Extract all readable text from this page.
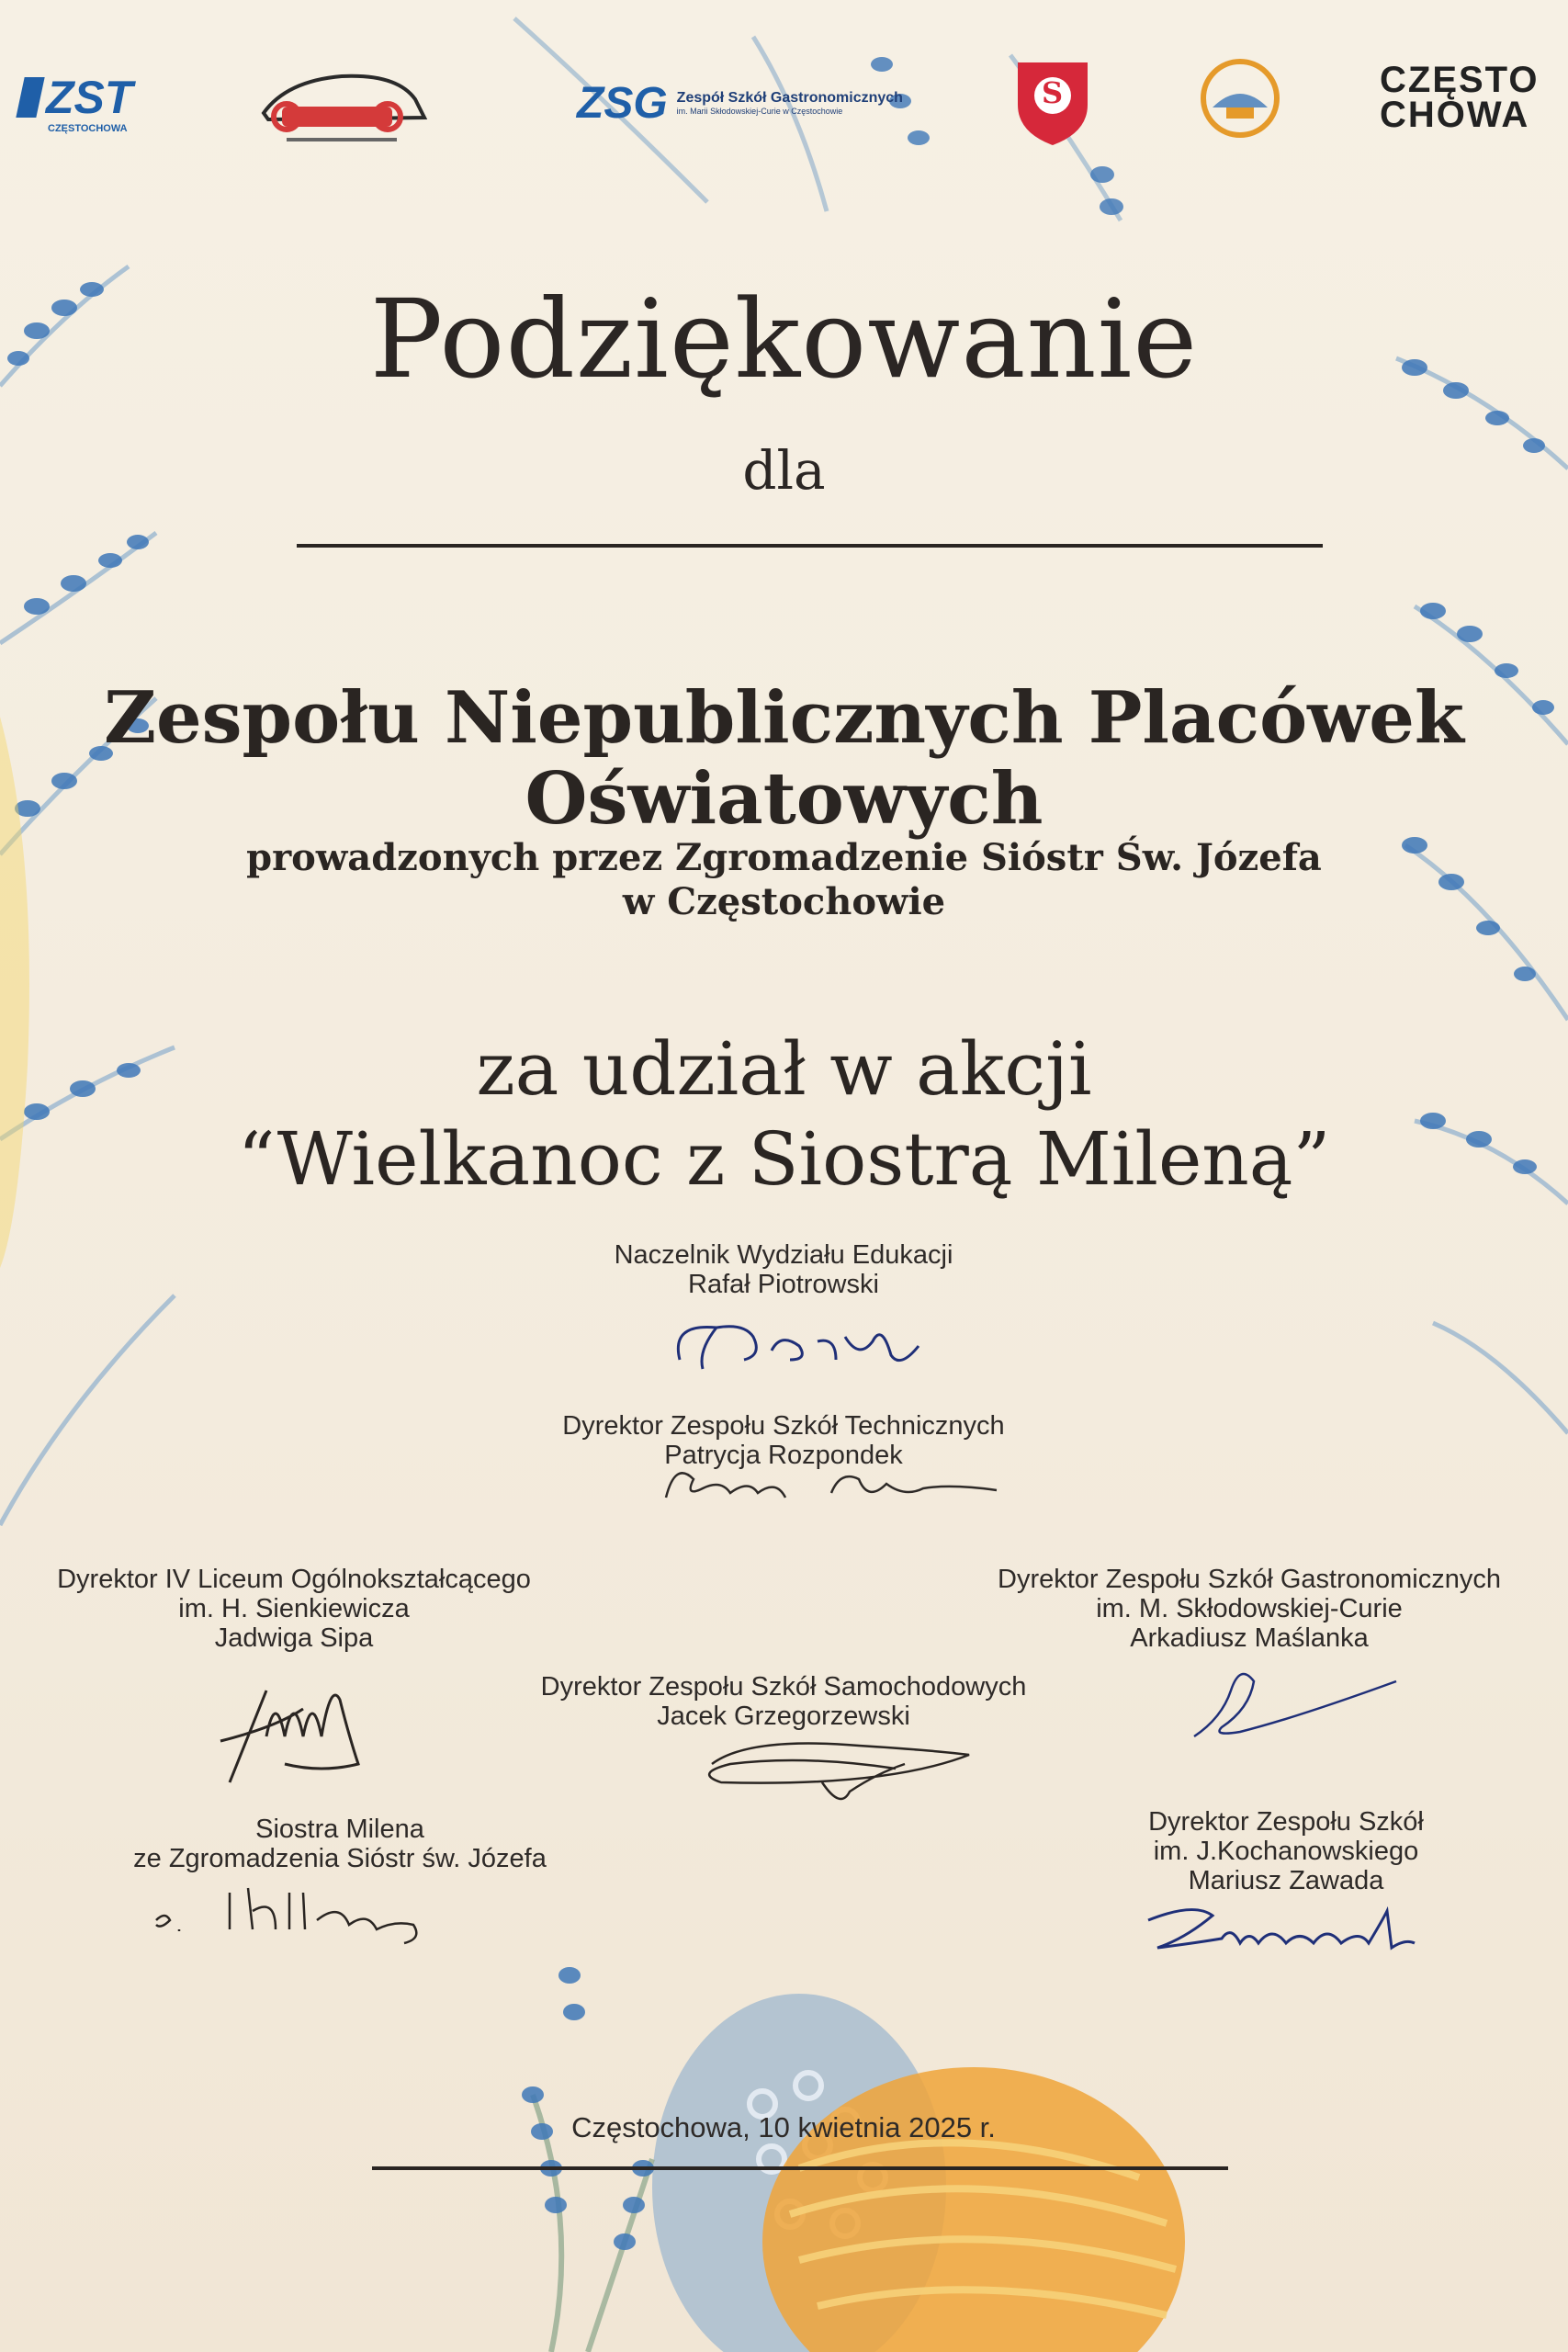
ZST
CZĘSTOCHOWA
ZSG Zespół Szkół Gastronomicznych
im. Marii Skłodowskiej-Curie w Częstochowie
S	CZĘSTO
CHOWA
Podziękowanie
dla
Zespołu Niepublicznych Placówek
Oświatowych
prowadzonych przez Zgromadzenie Sióstr Św. Józefa
w Częstochowie
za udział w akcji
“Wielkanoc z Siostrą Mileną”
Naczelnik Wydziału Edukacji
Rafał Piotrowski
Dyrektor Zespołu Szkół Technicznych
Patrycja Rozpondek
Dyrektor IV Liceum Ogólnokształcącego
im. H. Sienkiewicza
Jadwiga Sipa
Dyrektor Zespołu Szkół Gastronomicznych
im. M. Skłodowskiej-Curie
Arkadiusz Maślanka
Dyrektor Zespołu Szkół Samochodowych
Jacek Grzegorzewski
Siostra Milena
ze Zgromadzenia Sióstr św. Józefa
Dyrektor Zespołu Szkół
im. J.Kochanowskiego
Mariusz Zawada
Częstochowa, 10 kwietnia 2025 r.
